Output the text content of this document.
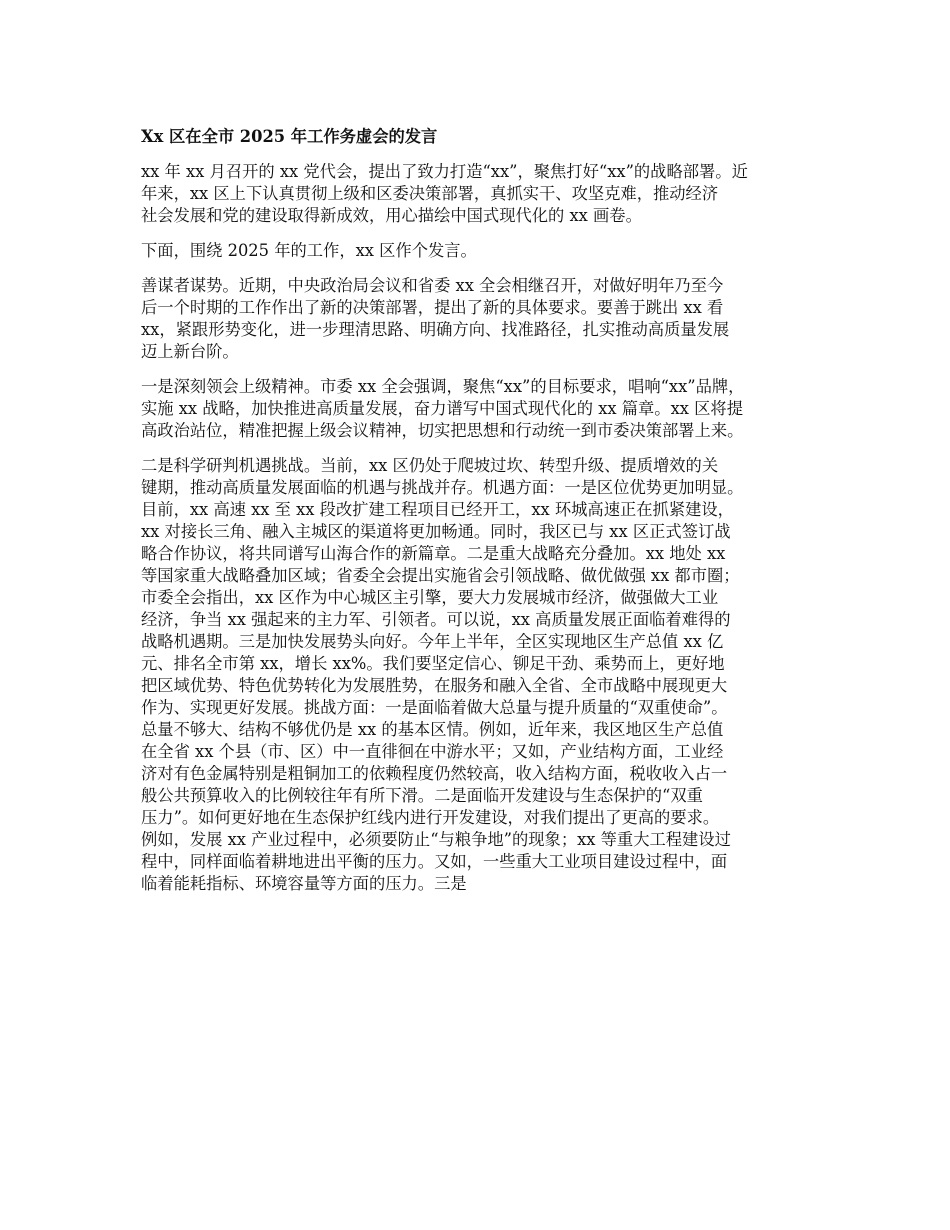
Xx 区在全市 2025 年工作务虚会的发言
xx 年 xx 月召开的 xx 党代会，提出了致力打造“xx”，聚焦打好“xx”的战略部署。近
年来，xx 区上下认真贯彻上级和区委决策部署，真抓实干、攻坚克难，推动经济
社会发展和党的建设取得新成效，用心描绘中国式现代化的 xx 画卷。
下面，围绕 2025 年的工作，xx 区作个发言。
善谋者谋势。近期，中央政治局会议和省委 xx 全会相继召开，对做好明年乃至今
后一个时期的工作作出了新的决策部署，提出了新的具体要求。要善于跳出 xx 看
xx，紧跟形势变化，进一步理清思路、明确方向、找准路径，扎实推动高质量发展
迈上新台阶。
一是深刻领会上级精神。市委 xx 全会强调，聚焦“xx”的目标要求，唱响“xx”品牌，
实施 xx 战略，加快推进高质量发展，奋力谱写中国式现代化的 xx 篇章。xx 区将提
高政治站位，精准把握上级会议精神，切实把思想和行动统一到市委决策部署上来。
二是科学研判机遇挑战。当前，xx 区仍处于爬坡过坎、转型升级、提质增效的关
键期，推动高质量发展面临的机遇与挑战并存。机遇方面：一是区位优势更加明显。
目前，xx 高速 xx 至 xx 段改扩建工程项目已经开工，xx 环城高速正在抓紧建设，
xx 对接长三角、融入主城区的渠道将更加畅通。同时，我区已与 xx 区正式签订战
略合作协议，将共同谱写山海合作的新篇章。二是重大战略充分叠加。xx 地处 xx
等国家重大战略叠加区域；省委全会提出实施省会引领战略、做优做强 xx 都市圈；
市委全会指出，xx 区作为中心城区主引擎，要大力发展城市经济，做强做大工业
经济，争当 xx 强起来的主力军、引领者。可以说，xx 高质量发展正面临着难得的
战略机遇期。三是加快发展势头向好。今年上半年，全区实现地区生产总值 xx 亿
元、排名全市第 xx，增长 xx%。我们要坚定信心、铆足干劲、乘势而上，更好地
把区域优势、特色优势转化为发展胜势，在服务和融入全省、全市战略中展现更大
作为、实现更好发展。挑战方面：一是面临着做大总量与提升质量的“双重使命”。
总量不够大、结构不够优仍是 xx 的基本区情。例如，近年来，我区地区生产总值
在全省 xx 个县（市、区）中一直徘徊在中游水平；又如，产业结构方面，工业经
济对有色金属特别是粗铜加工的依赖程度仍然较高，收入结构方面，税收收入占一
般公共预算收入的比例较往年有所下滑。二是面临开发建设与生态保护的“双重
压力”。如何更好地在生态保护红线内进行开发建设，对我们提出了更高的要求。
例如，发展 xx 产业过程中，必须要防止“与粮争地”的现象；xx 等重大工程建设过
程中，同样面临着耕地进出平衡的压力。又如，一些重大工业项目建设过程中，面
临着能耗指标、环境容量等方面的压力。三是
